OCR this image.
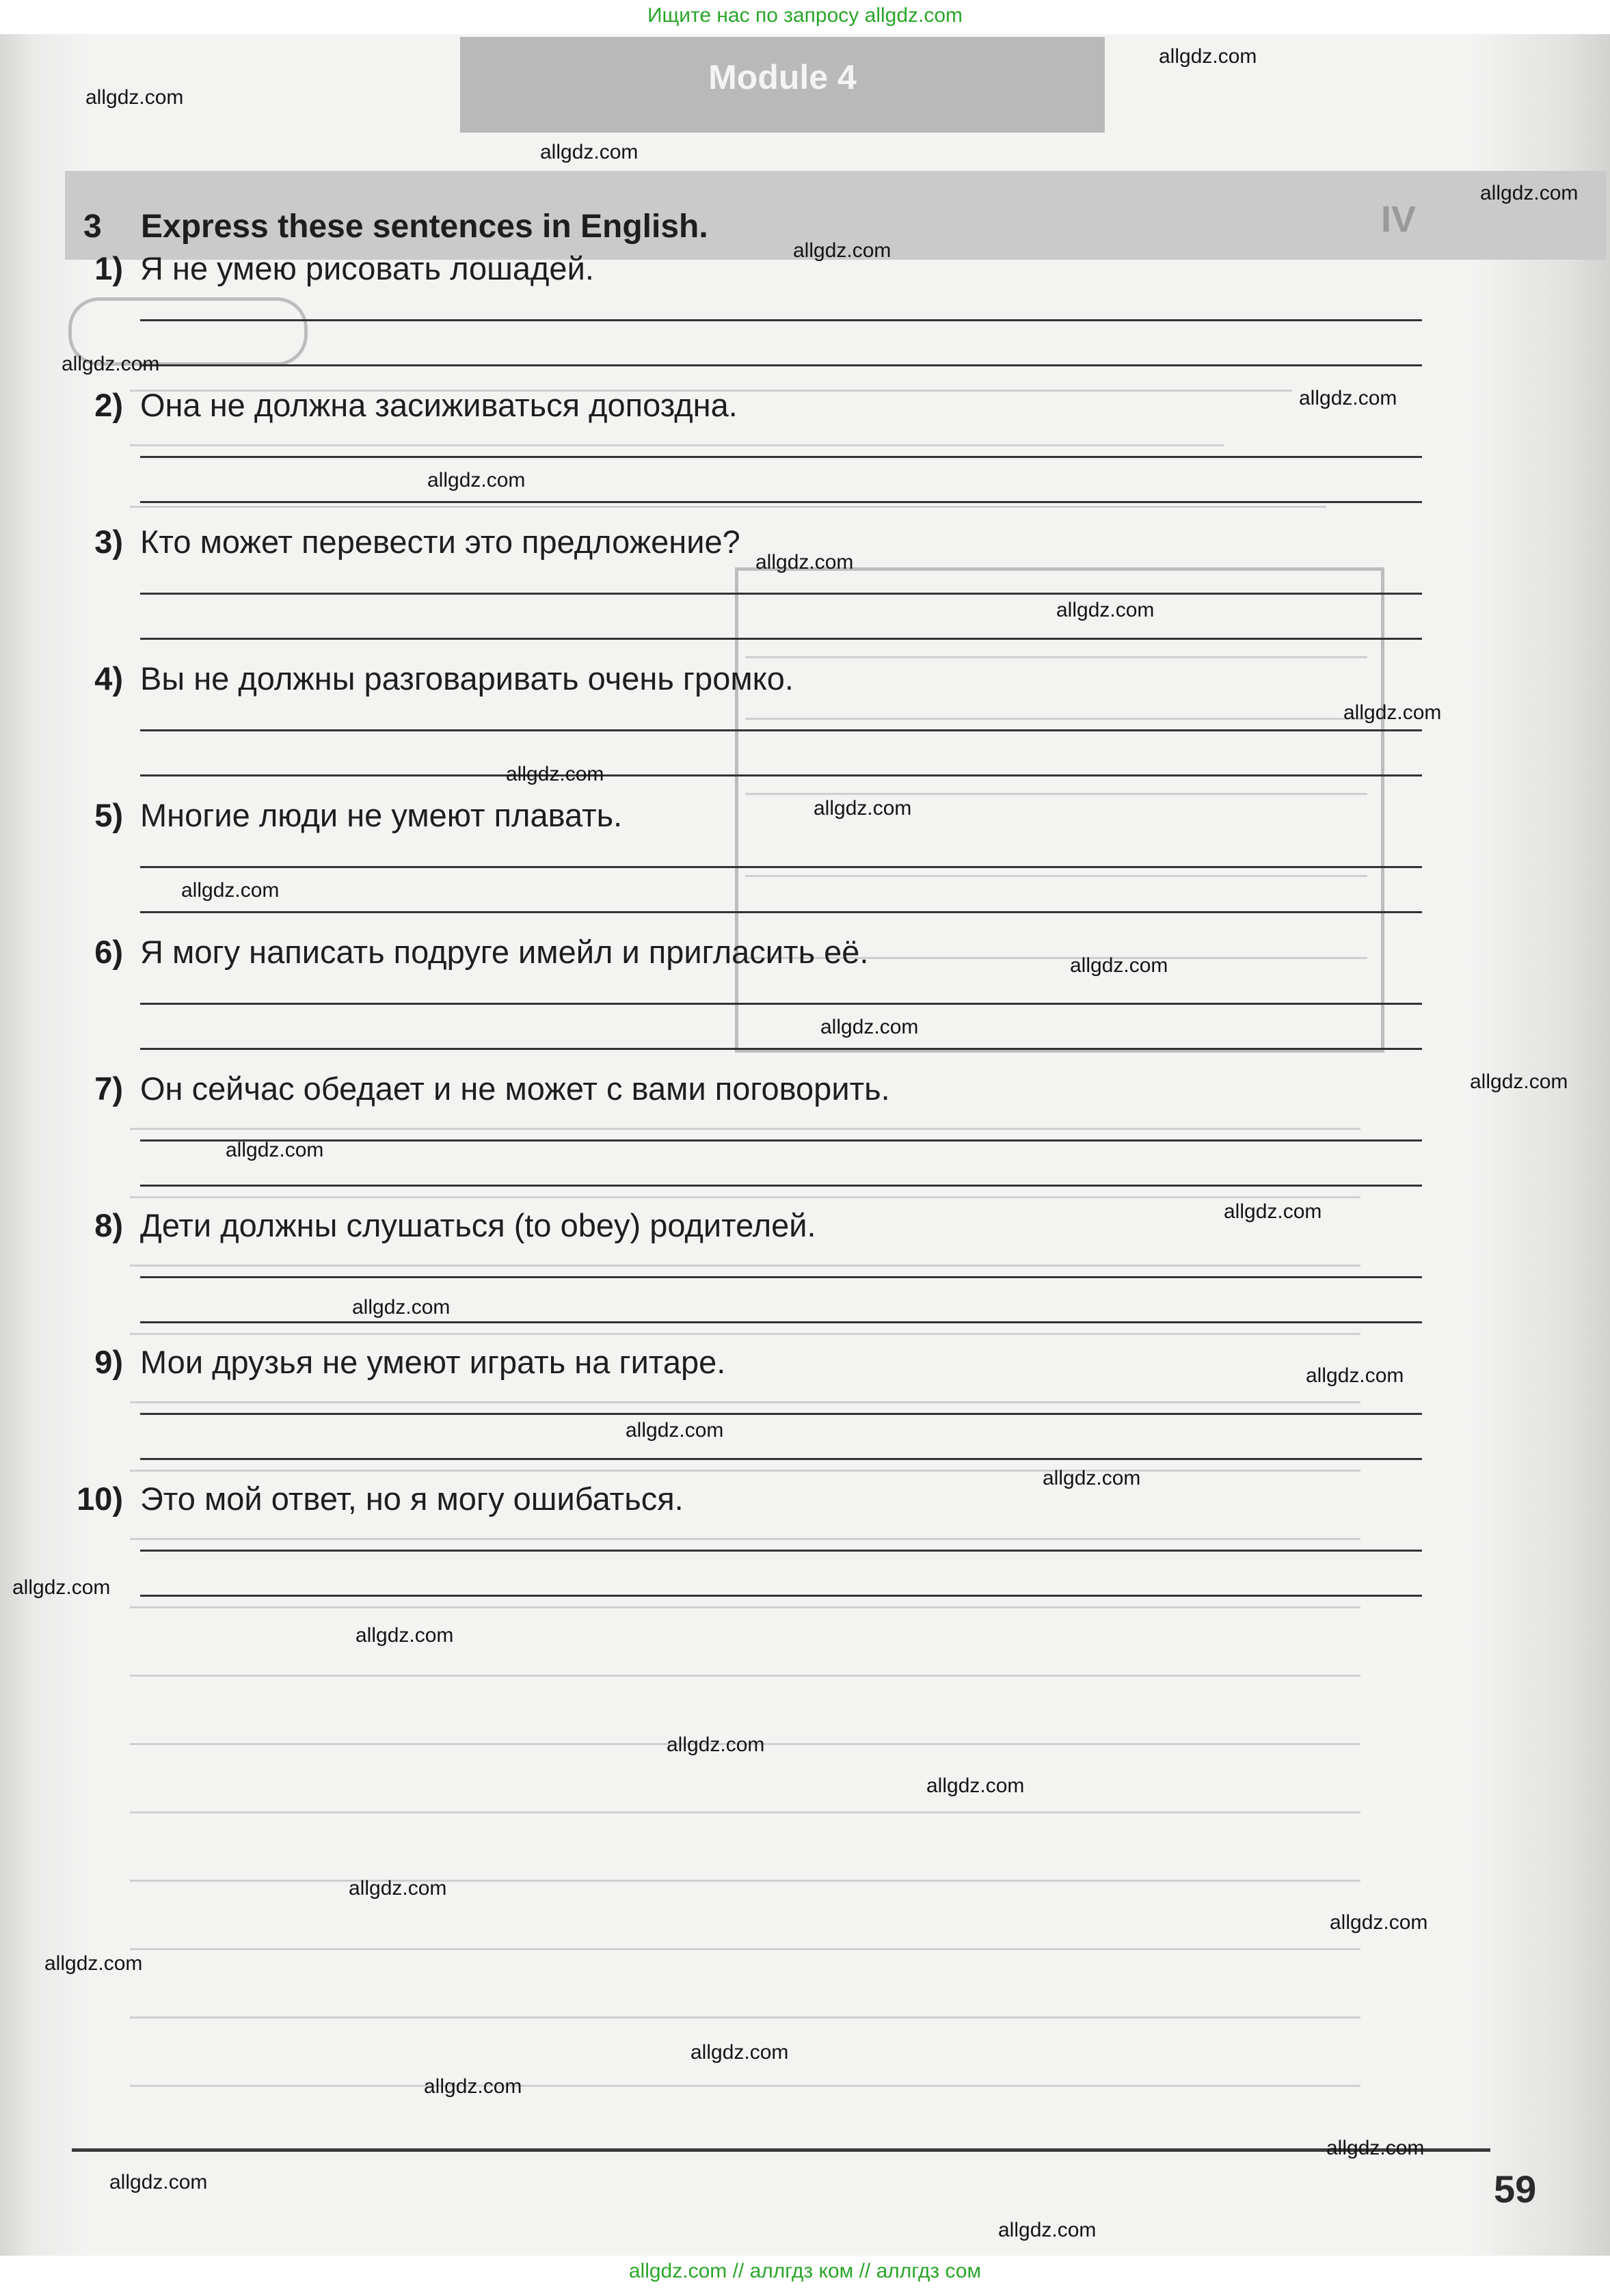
Ищите нас по запросу allgdz.com
Module 4
IV
3 Express these sentences in English.
1) Я не умею рисовать лошадей.
2) Она не должна засиживаться допоздна.
3) Кто может перевести это предложение?
4) Вы не должны разговаривать очень громко.
5) Многие люди не умеют плавать.
6) Я могу написать подруге имейл и пригласить её.
7) Он сейчас обедает и не может с вами поговорить.
8) Дети должны слушаться (to obey) родителей.
9) Мои друзья не умеют играть на гитаре.
10) Это мой ответ, но я могу ошибаться.
59
allgdz.com
allgdz.com
allgdz.com
allgdz.com
allgdz.com
allgdz.com
allgdz.com
allgdz.com
allgdz.com
allgdz.com
allgdz.com
allgdz.com
allgdz.com
allgdz.com
allgdz.com
allgdz.com
allgdz.com
allgdz.com
allgdz.com
allgdz.com
allgdz.com
allgdz.com
allgdz.com
allgdz.com
allgdz.com
allgdz.com
allgdz.com
allgdz.com
allgdz.com
allgdz.com
allgdz.com
allgdz.com
allgdz.com
allgdz.com
allgdz.com
allgdz.com // аллгдз ком // аллгдз сом
